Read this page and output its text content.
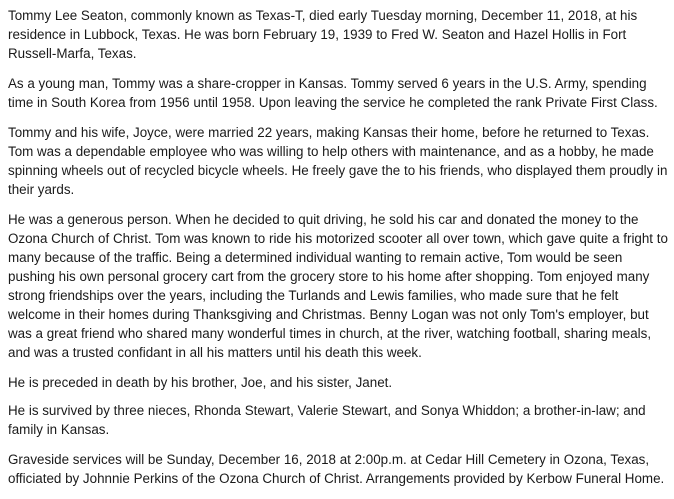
Tommy Lee Seaton, commonly known as Texas-T, died early Tuesday morning, December 11, 2018, at his residence in Lubbock, Texas. He was born February 19, 1939 to Fred W. Seaton and Hazel Hollis in Fort Russell-Marfa, Texas.

As a young man, Tommy was a share-cropper in Kansas. Tommy served 6 years in the U.S. Army, spending time in South Korea from 1956 until 1958. Upon leaving the service he completed the rank Private First Class.

Tommy and his wife, Joyce, were married 22 years, making Kansas their home, before he returned to Texas. Tom was a dependable employee who was willing to help others with maintenance, and as a hobby, he made spinning wheels out of recycled bicycle wheels. He freely gave the to his friends, who displayed them proudly in their yards.

He was a generous person. When he decided to quit driving, he sold his car and donated the money to the Ozona Church of Christ. Tom was known to ride his motorized scooter all over town, which gave quite a fright to many because of the traffic. Being a determined individual wanting to remain active, Tom would be seen pushing his own personal grocery cart from the grocery store to his home after shopping. Tom enjoyed many strong friendships over the years, including the Turlands and Lewis families, who made sure that he felt welcome in their homes during Thanksgiving and Christmas. Benny Logan was not only Tom's employer, but was a great friend who shared many wonderful times in church, at the river, watching football, sharing meals, and was a trusted confidant in all his matters until his death this week.

He is preceded in death by his brother, Joe, and his sister, Janet.

He is survived by three nieces, Rhonda Stewart, Valerie Stewart, and Sonya Whiddon; a brother-in-law; and family in Kansas.

Graveside services will be Sunday, December 16, 2018 at 2:00p.m. at Cedar Hill Cemetery in Ozona, Texas, officiated by Johnnie Perkins of the Ozona Church of Christ. Arrangements provided by Kerbow Funeral Home.
